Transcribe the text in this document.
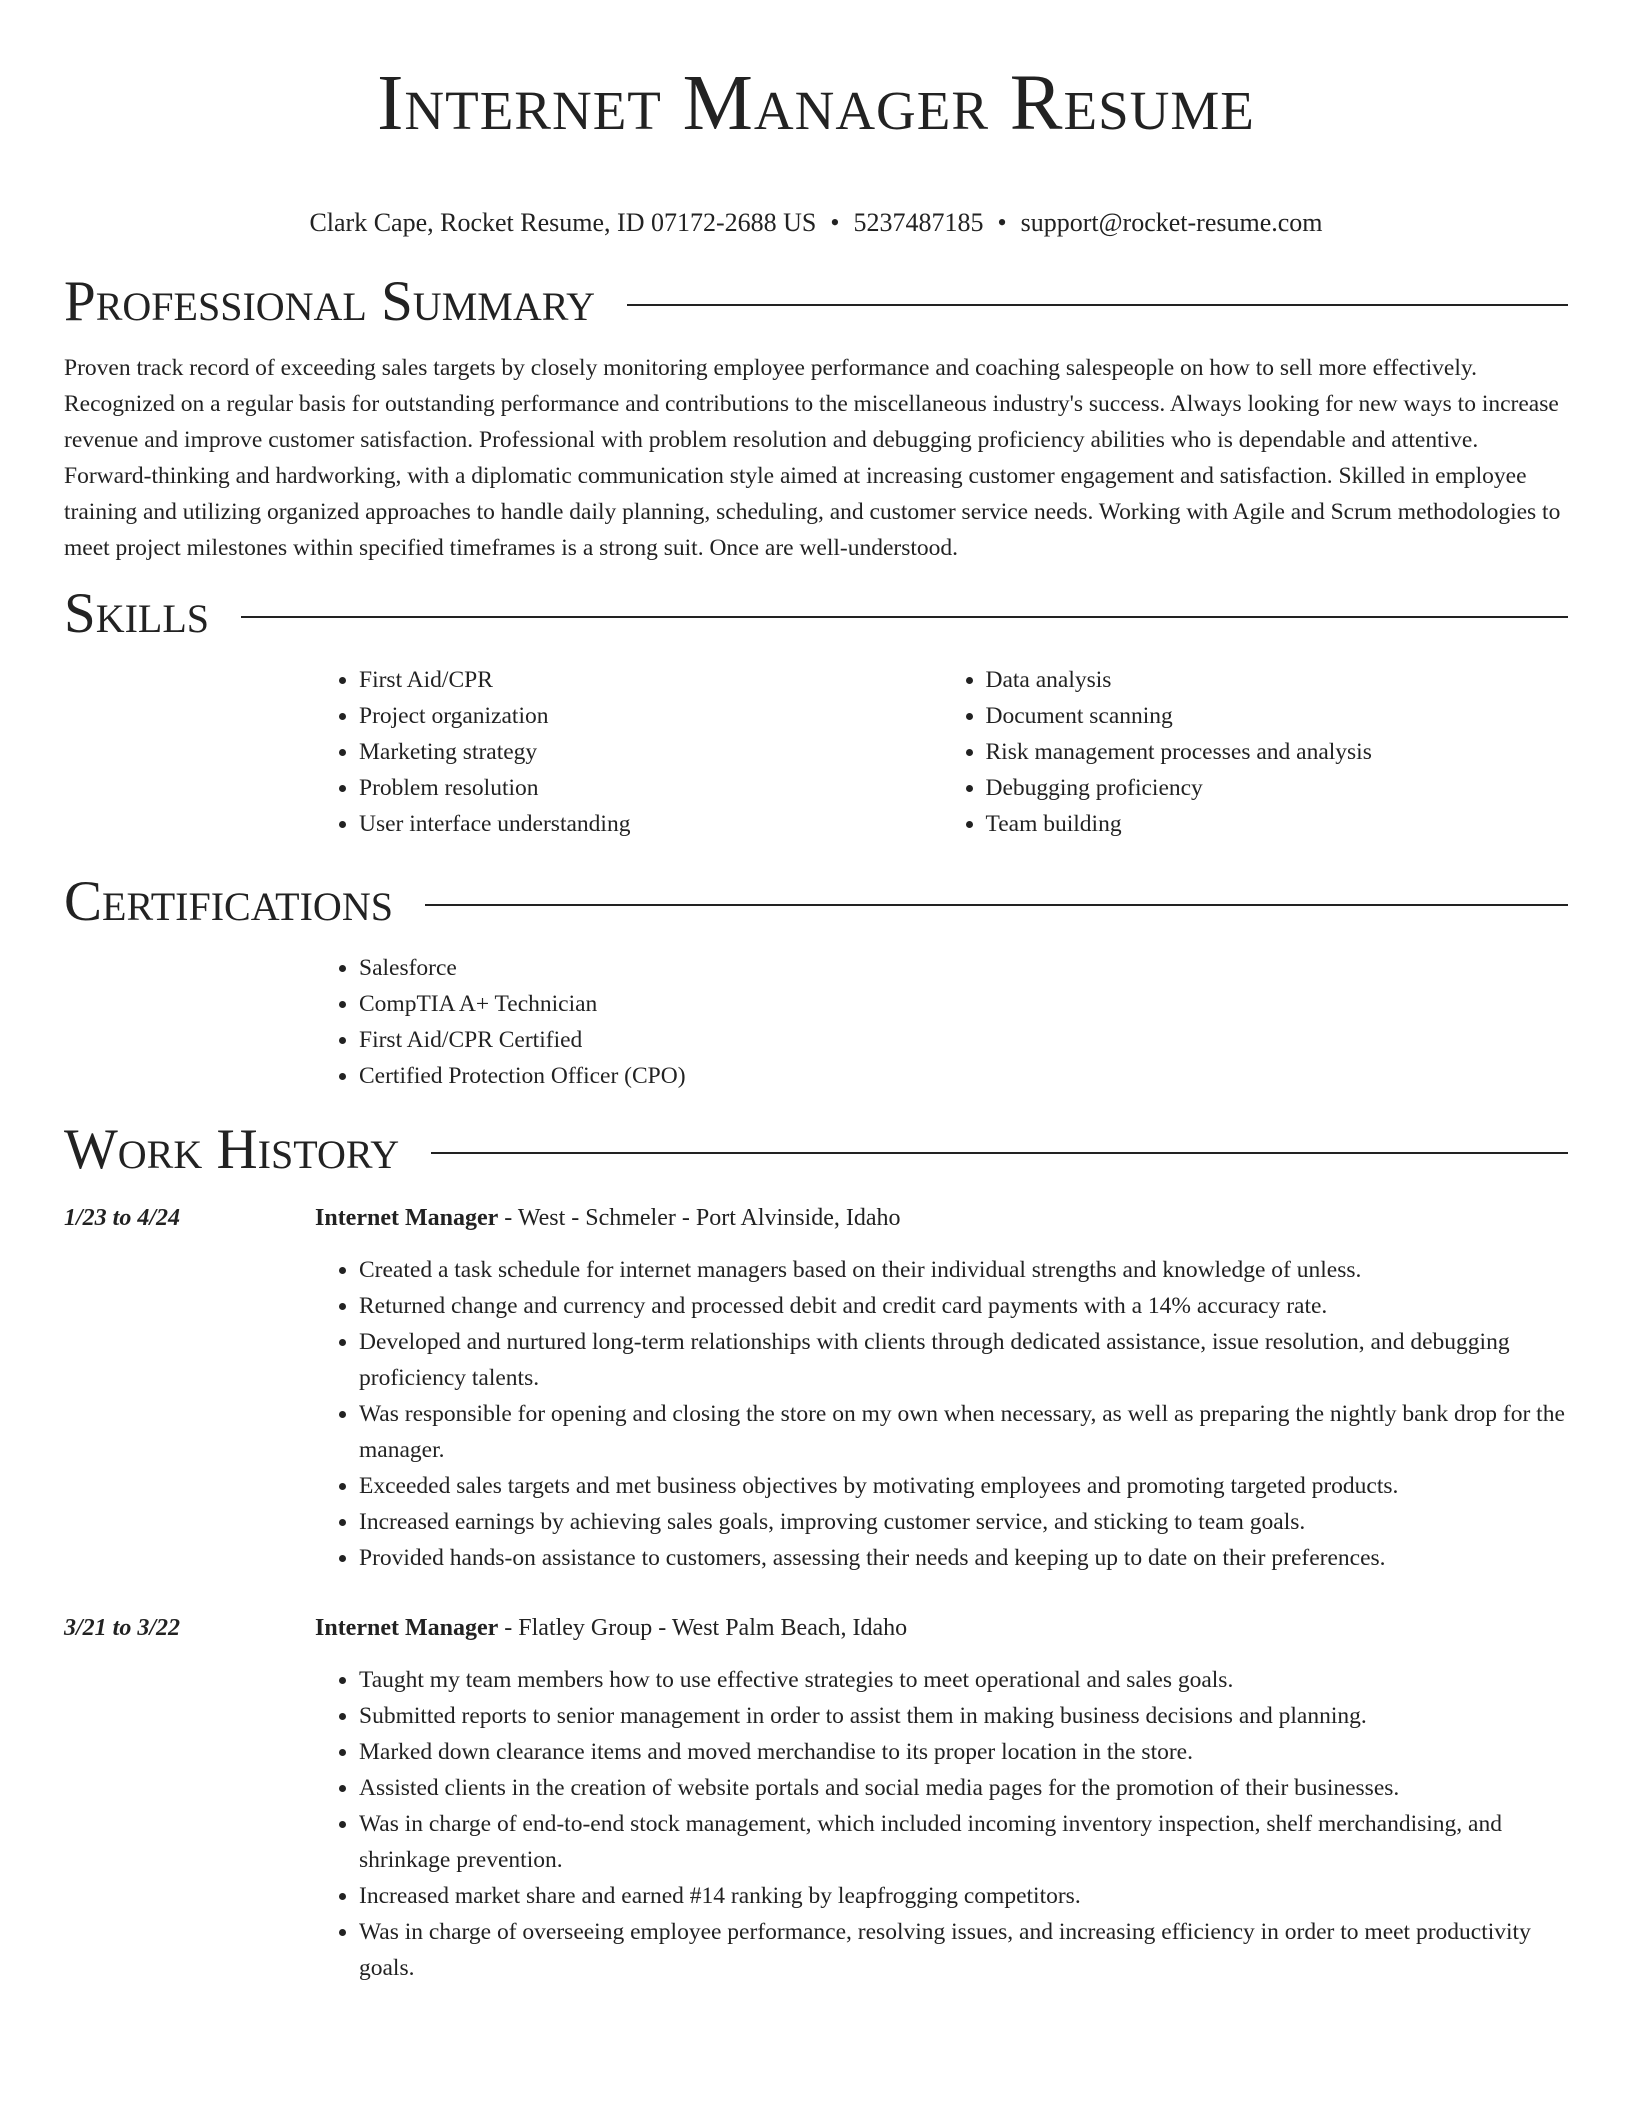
Internet Manager Resume
Clark Cape, Rocket Resume, ID 07172-2688 US • 5237487185 • support@rocket-resume.com
Professional Summary

Proven track record of exceeding sales targets by closely monitoring employee performance and coaching salespeople on how to sell more effectively. Recognized on a regular basis for outstanding performance and contributions to the miscellaneous industry's success. Always looking for new ways to increase revenue and improve customer satisfaction. Professional with problem resolution and debugging proficiency abilities who is dependable and attentive. Forward-thinking and hardworking, with a diplomatic communication style aimed at increasing customer engagement and satisfaction. Skilled in employee training and utilizing organized approaches to handle daily planning, scheduling, and customer service needs. Working with Agile and Scrum methodologies to meet project milestones within specified timeframes is a strong suit. Once are well-understood.

Skills
• First Aid/CPR
• Project organization
• Marketing strategy
• Problem resolution
• User interface understanding
• Data analysis
• Document scanning
• Risk management processes and analysis
• Debugging proficiency
• Team building
Certifications
• Salesforce
• CompTIA A+ Technician
• First Aid/CPR Certified
• Certified Protection Officer (CPO)
Work History
1/23 to 4/24	Internet Manager - West - Schmeler - Port Alvinside, Idaho
• Created a task schedule for internet managers based on their individual strengths and knowledge of unless.
• Returned change and currency and processed debit and credit card payments with a 14% accuracy rate.
• Developed and nurtured long-term relationships with clients through dedicated assistance, issue resolution, and debugging proficiency talents.
• Was responsible for opening and closing the store on my own when necessary, as well as preparing the nightly bank drop for the manager.
• Exceeded sales targets and met business objectives by motivating employees and promoting targeted products.
• Increased earnings by achieving sales goals, improving customer service, and sticking to team goals.
• Provided hands-on assistance to customers, assessing their needs and keeping up to date on their preferences.
3/21 to 3/22	Internet Manager - Flatley Group - West Palm Beach, Idaho
• Taught my team members how to use effective strategies to meet operational and sales goals.
• Submitted reports to senior management in order to assist them in making business decisions and planning.
• Marked down clearance items and moved merchandise to its proper location in the store.
• Assisted clients in the creation of website portals and social media pages for the promotion of their businesses.
• Was in charge of end-to-end stock management, which included incoming inventory inspection, shelf merchandising, and shrinkage prevention.
• Increased market share and earned #14 ranking by leapfrogging competitors.
• Was in charge of overseeing employee performance, resolving issues, and increasing efficiency in order to meet productivity goals.
